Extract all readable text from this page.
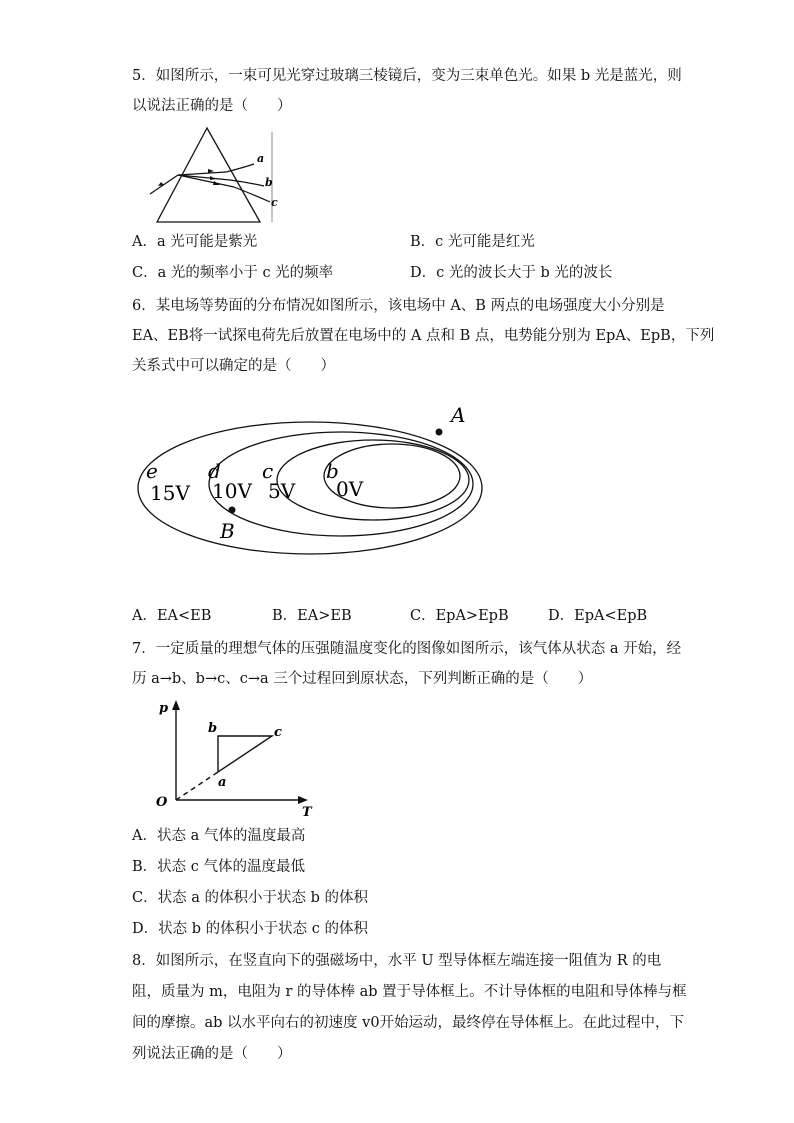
5．如图所示，一束可见光穿过玻璃三棱镜后，变为三束单色光。如果 b 光是蓝光，则
以说法正确的是（　　）
a
b
c
A．a 光可能是紫光	B．c 光可能是红光
C．a 光的频率小于 c 光的频率	D．c 光的波长大于 b 光的波长
6．某电场等势面的分布情况如图所示，该电场中 A、B 两点的电场强度大小分别是
EA、EB将一试探电荷先后放置在电场中的 A 点和 B 点，电势能分别为 EpA、EpB，下列
关系式中可以确定的是（　　）
A
B
e
15V
d
10V
c
5V
b
0V
A．EA<EB	B．EA>EB	C．EpA>EpB	D．EpA<EpB
7．一定质量的理想气体的压强随温度变化的图像如图所示，该气体从状态 a 开始，经
历 a→b、b→c、c→a 三个过程回到原状态，下列判断正确的是（　　）
p
T
O
a
b	c
A．状态 a 气体的温度最高
B．状态 c 气体的温度最低
C．状态 a 的体积小于状态 b 的体积
D．状态 b 的体积小于状态 c 的体积
8．如图所示，在竖直向下的强磁场中，水平 U 型导体框左端连接一阻值为 R 的电
阻，质量为 m，电阻为 r 的导体棒 ab 置于导体框上。不计导体框的电阻和导体棒与框
间的摩擦。ab 以水平向右的初速度 v0开始运动，最终停在导体框上。在此过程中，下
列说法正确的是（　　）
